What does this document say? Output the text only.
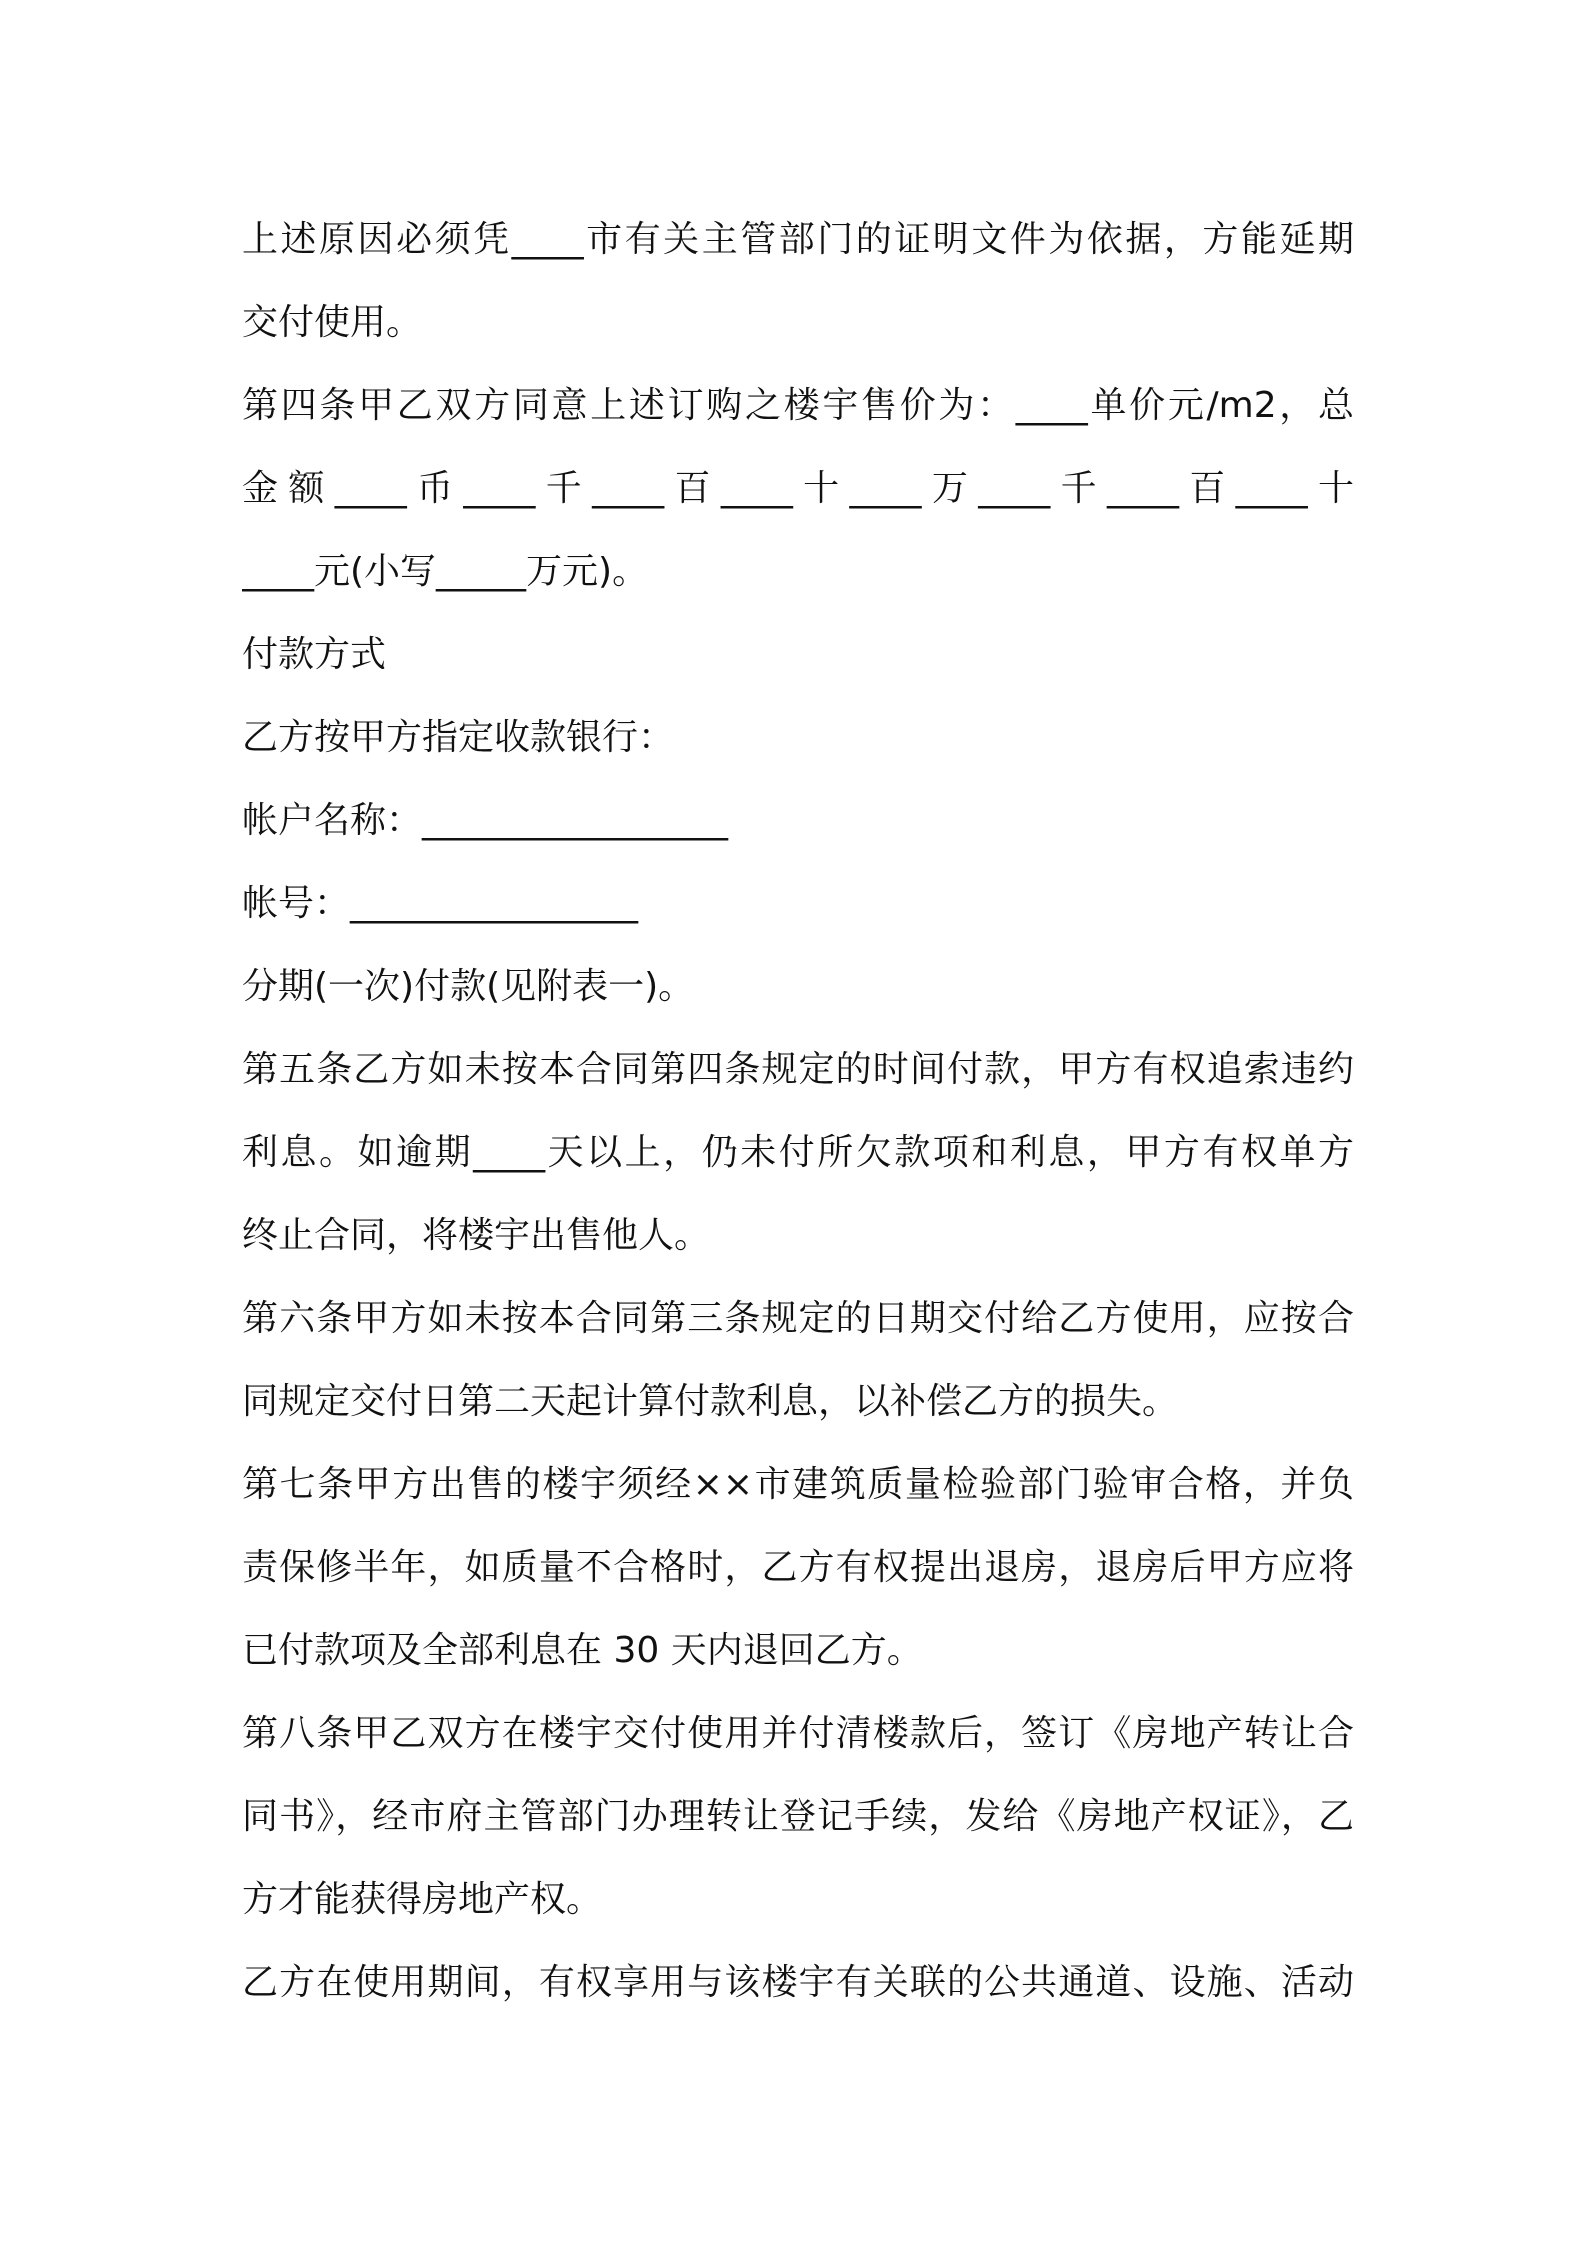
上述原因必须凭____市有关主管部门的证明文件为依据，方能延期
交付使用。
第四条甲乙双方同意上述订购之楼宇售价为：____单价元/m2，总
金额____币____千____百____十____万____千____百____十
____元(小写_____万元)。
付款方式
乙方按甲方指定收款银行：
帐户名称：_________________
帐号：________________
分期(一次)付款(见附表一)。
第五条乙方如未按本合同第四条规定的时间付款，甲方有权追索违约
利息。如逾期____天以上，仍未付所欠款项和利息，甲方有权单方
终止合同，将楼宇出售他人。
第六条甲方如未按本合同第三条规定的日期交付给乙方使用，应按合
同规定交付日第二天起计算付款利息，以补偿乙方的损失。
第七条甲方出售的楼宇须经××市建筑质量检验部门验审合格，并负
责保修半年，如质量不合格时，乙方有权提出退房，退房后甲方应将
已付款项及全部利息在 30 天内退回乙方。
第八条甲乙双方在楼宇交付使用并付清楼款后，签订《房地产转让合
同书》，经市府主管部门办理转让登记手续，发给《房地产权证》，乙
方才能获得房地产权。
乙方在使用期间，有权享用与该楼宇有关联的公共通道、设施、活动
